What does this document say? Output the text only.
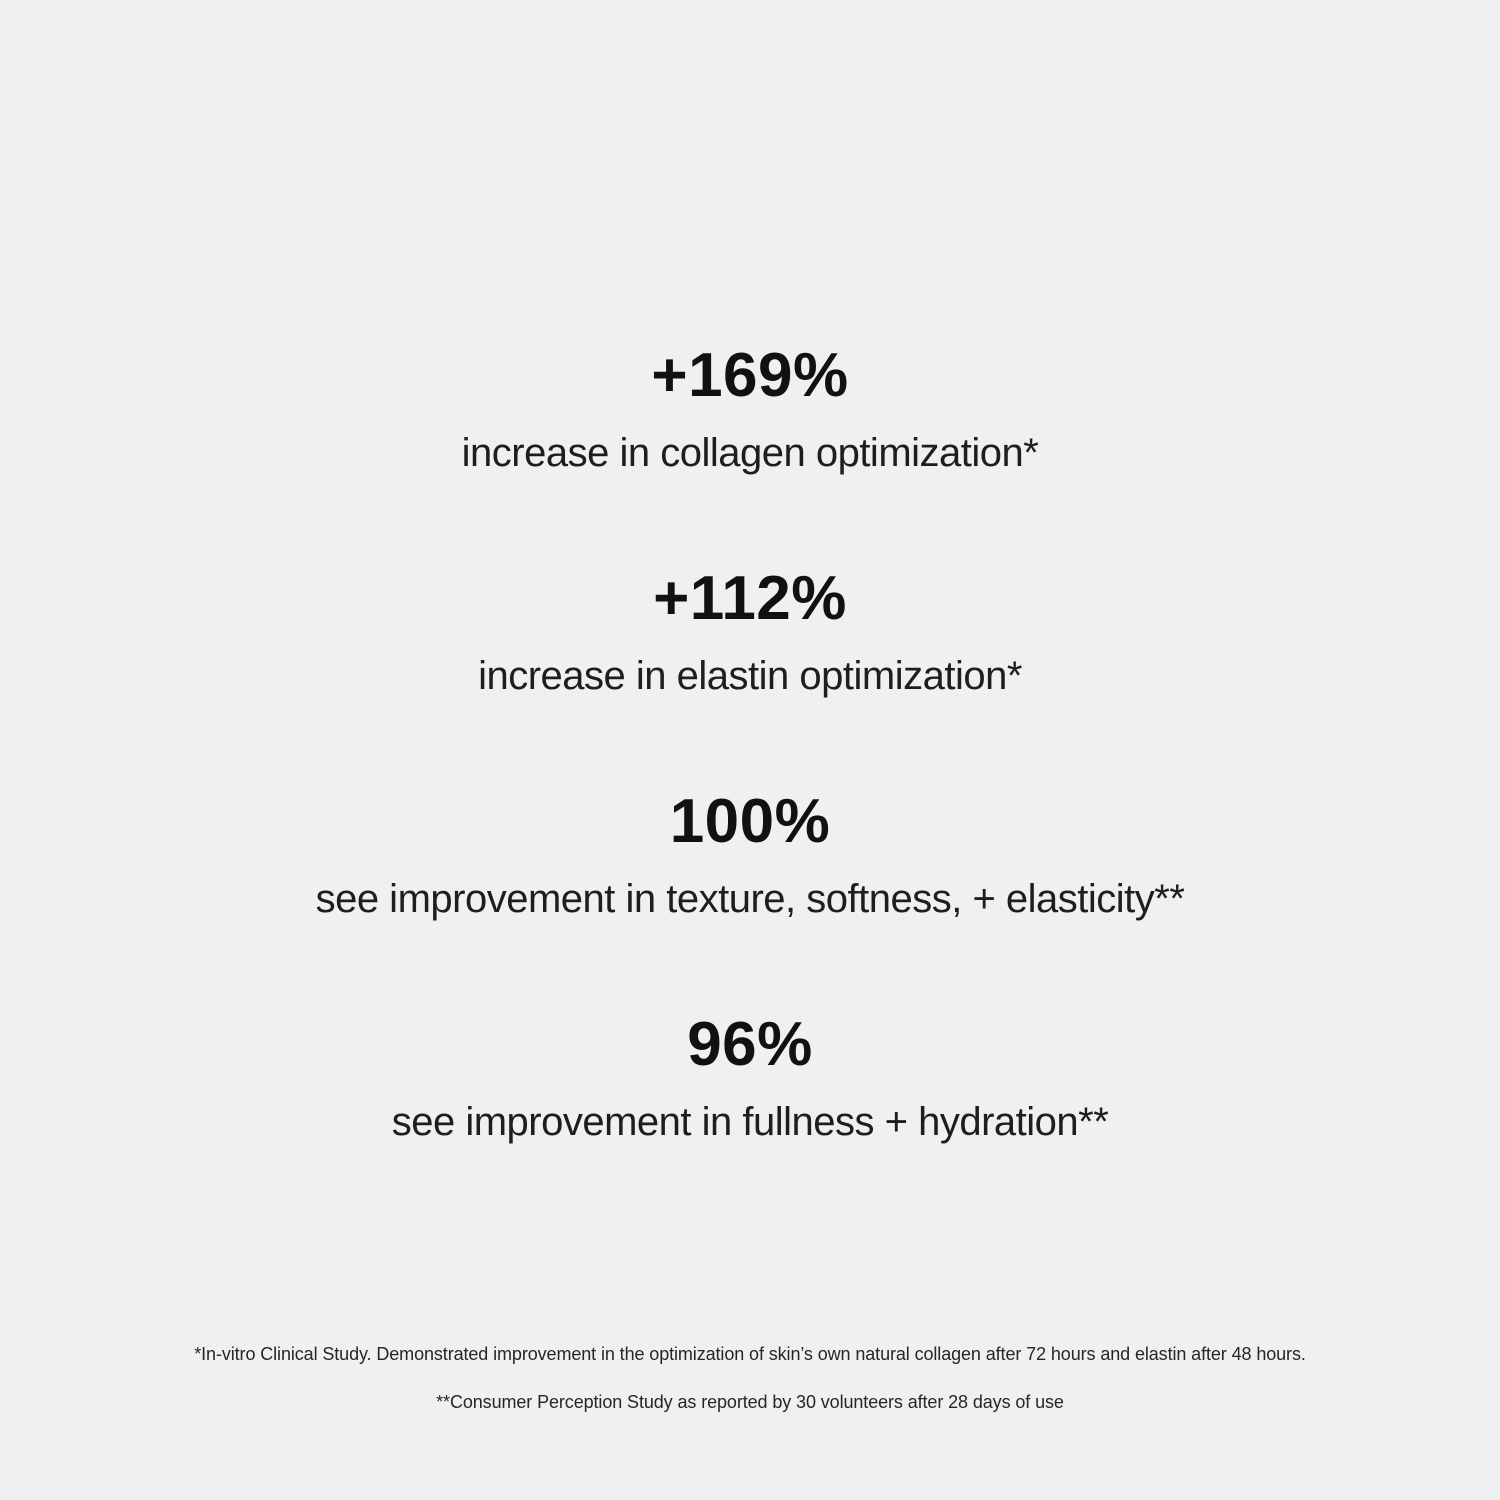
+169%
increase in collagen optimization*
+112%
increase in elastin optimization*
100%
see improvement in texture, softness, + elasticity**
96%
see improvement in fullness + hydration**

*In-vitro Clinical Study. Demonstrated improvement in the optimization of skin’s own natural collagen after 72 hours and elastin after 48 hours.

**Consumer Perception Study as reported by 30 volunteers after 28 days of use
